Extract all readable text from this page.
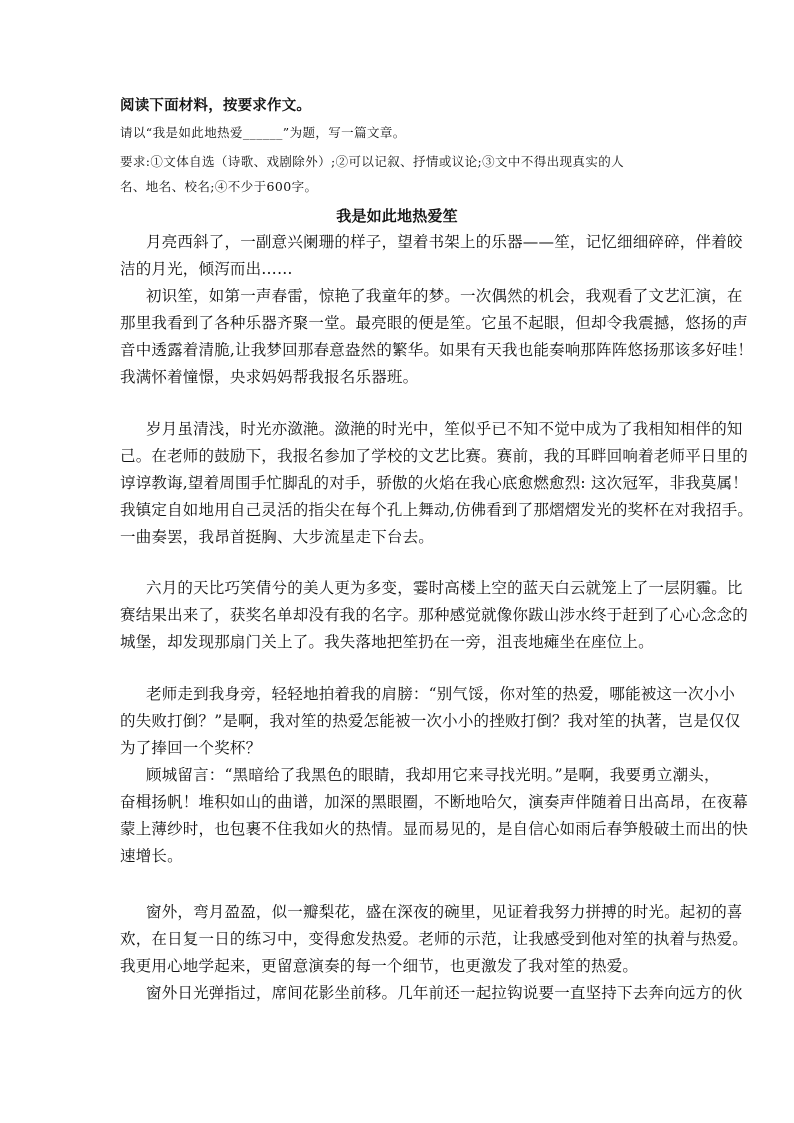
阅读下面材料，按要求作文。
请以“我是如此地热爱______”为题，写一篇文章。
要求:①文体自选（诗歌、戏剧除外）;②可以记叙、抒情或议论;③文中不得出现真实的人
名、地名、校名;④不少于600字。
我是如此地热爱笙
月亮西斜了，一副意兴阑珊的样子，望着书架上的乐器——笙，记忆细细碎碎，伴着皎
洁的月光，倾泻而出……
初识笙，如第一声春雷，惊艳了我童年的梦。一次偶然的机会，我观看了文艺汇演，在
那里我看到了各种乐器齐聚一堂。最亮眼的便是笙。它虽不起眼，但却令我震撼，悠扬的声
音中透露着清脆,让我梦回那春意盎然的繁华。如果有天我也能奏响那阵阵悠扬那该多好哇！
我满怀着憧憬，央求妈妈帮我报名乐器班。
岁月虽清浅，时光亦潋滟。潋滟的时光中，笙似乎已不知不觉中成为了我相知相伴的知
己。在老师的鼓励下，我报名参加了学校的文艺比赛。赛前，我的耳畔回响着老师平日里的
谆谆教诲,望着周围手忙脚乱的对手，骄傲的火焰在我心底愈燃愈烈: 这次冠军，非我莫属！
我镇定自如地用自己灵活的指尖在每个孔上舞动,仿佛看到了那熠熠发光的奖杯在对我招手。
一曲奏罢，我昂首挺胸、大步流星走下台去。
六月的天比巧笑倩兮的美人更为多变，霎时高楼上空的蓝天白云就笼上了一层阴霾。比
赛结果出来了，获奖名单却没有我的名字。那种感觉就像你跋山涉水终于赶到了心心念念的
城堡，却发现那扇门关上了。我失落地把笙扔在一旁，沮丧地瘫坐在座位上。
老师走到我身旁，轻轻地拍着我的肩膀：“别气馁，你对笙的热爱，哪能被这一次小小
的失败打倒？”是啊，我对笙的热爱怎能被一次小小的挫败打倒？我对笙的执著，岂是仅仅
为了捧回一个奖杯？
顾城留言：“黑暗给了我黑色的眼睛，我却用它来寻找光明。”是啊，我要勇立潮头，
奋楫扬帆！堆积如山的曲谱，加深的黑眼圈，不断地哈欠，演奏声伴随着日出高昂，在夜幕
蒙上薄纱时，也包裹不住我如火的热情。显而易见的，是自信心如雨后春笋般破土而出的快
速增长。
窗外，弯月盈盈，似一瓣梨花，盛在深夜的碗里，见证着我努力拼搏的时光。起初的喜
欢，在日复一日的练习中，变得愈发热爱。老师的示范，让我感受到他对笙的执着与热爱。
我更用心地学起来，更留意演奏的每一个细节，也更激发了我对笙的热爱。
窗外日光弹指过，席间花影坐前移。几年前还一起拉钩说要一直坚持下去奔向远方的伙
